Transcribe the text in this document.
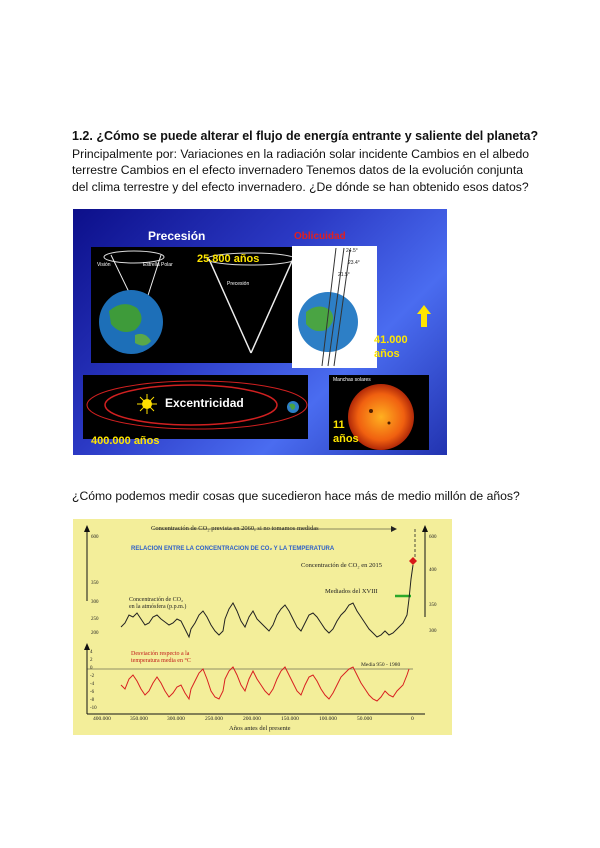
1.2. ¿Cómo se puede alterar el flujo de energía entrante y saliente del planeta?
Principalmente por: Variaciones en la radiación solar incidente Cambios en el albedo terrestre Cambios en el efecto invernadero Tenemos datos de la evolución conjunta del clima terrestre y del efecto invernadero. ¿De dónde se han obtenido esos datos?
Precesión
Visión	Estrella Polar
Precesión
25.800 años
Oblicuidad
24.5°
23.4°
21.5°
41.000
años
Excentricidad
400.000 años
Manchas solares
11
años
¿Cómo podemos medir cosas que sucedieron hace más de medio millón de años?
Concentración de CO₂ prevista en 2060, si no tomamos medidas
RELACION ENTRE LA CONCENTRACION DE CO₂ Y LA TEMPERATURA
Concentración de CO₂ en 2015
Mediados del XVIII
Concentración de CO₂
en la atmósfera (p.p.m.)
Desviación respecto a la
temperatura media en °C
Media 950 - 1980
Años antes del presente
600
350
300
250
200
600
400
350
300
4
2
0
-2
-4
-6
-8
-10
400.000	350.000	300.000	250.000	200.000	150.000	100.000	50.000	0
